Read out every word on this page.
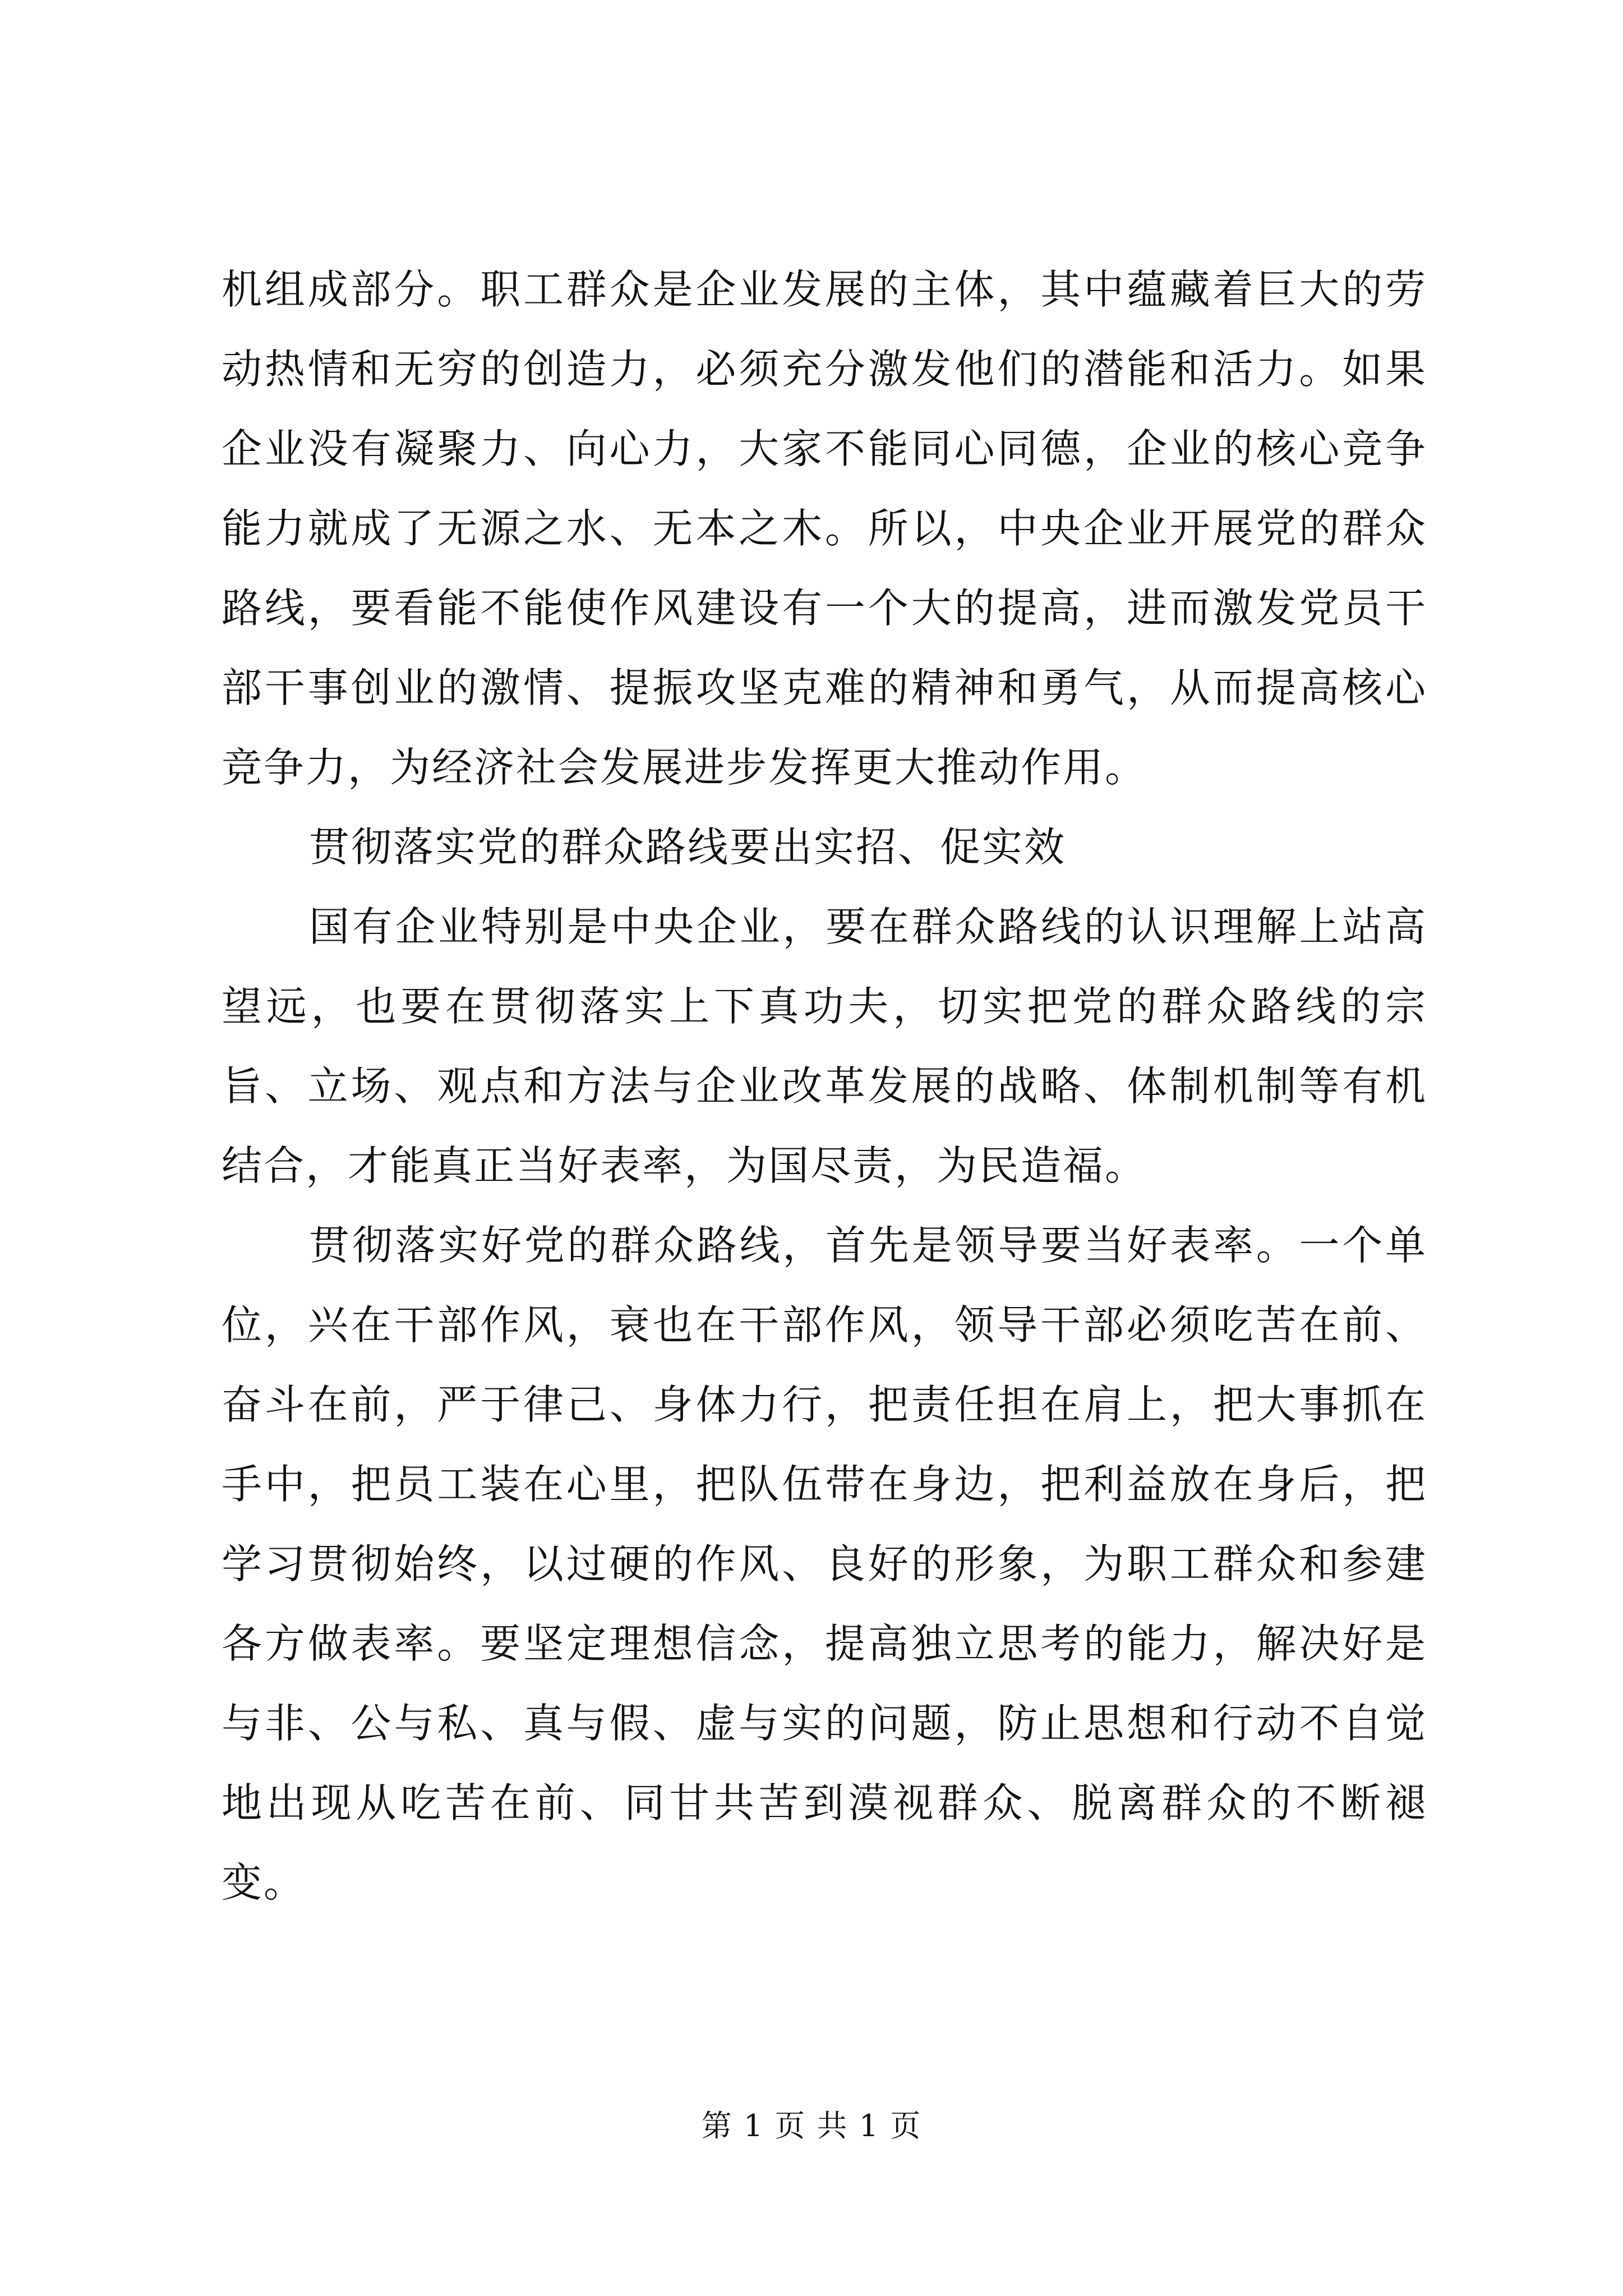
机组成部分。职工群众是企业发展的主体，其中蕴藏着巨大的劳动热情和无穷的创造力，必须充分激发他们的潜能和活力。如果企业没有凝聚力、向心力，大家不能同心同德，企业的核心竞争能力就成了无源之水、无本之木。所以，中央企业开展党的群众路线，要看能不能使作风建设有一个大的提高，进而激发党员干部干事创业的激情、提振攻坚克难的精神和勇气，从而提高核心竞争力，为经济社会发展进步发挥更大推动作用。

贯彻落实党的群众路线要出实招、促实效

国有企业特别是中央企业，要在群众路线的认识理解上站高望远，也要在贯彻落实上下真功夫，切实把党的群众路线的宗旨、立场、观点和方法与企业改革发展的战略、体制机制等有机结合，才能真正当好表率，为国尽责，为民造福。

贯彻落实好党的群众路线，首先是领导要当好表率。一个单位，兴在干部作风，衰也在干部作风，领导干部必须吃苦在前、奋斗在前，严于律己、身体力行，把责任担在肩上，把大事抓在手中，把员工装在心里，把队伍带在身边，把利益放在身后，把学习贯彻始终，以过硬的作风、良好的形象，为职工群众和参建各方做表率。要坚定理想信念，提高独立思考的能力，解决好是与非、公与私、真与假、虚与实的问题，防止思想和行动不自觉地出现从吃苦在前、同甘共苦到漠视群众、脱离群众的不断褪变。

第 1 页 共 1 页
